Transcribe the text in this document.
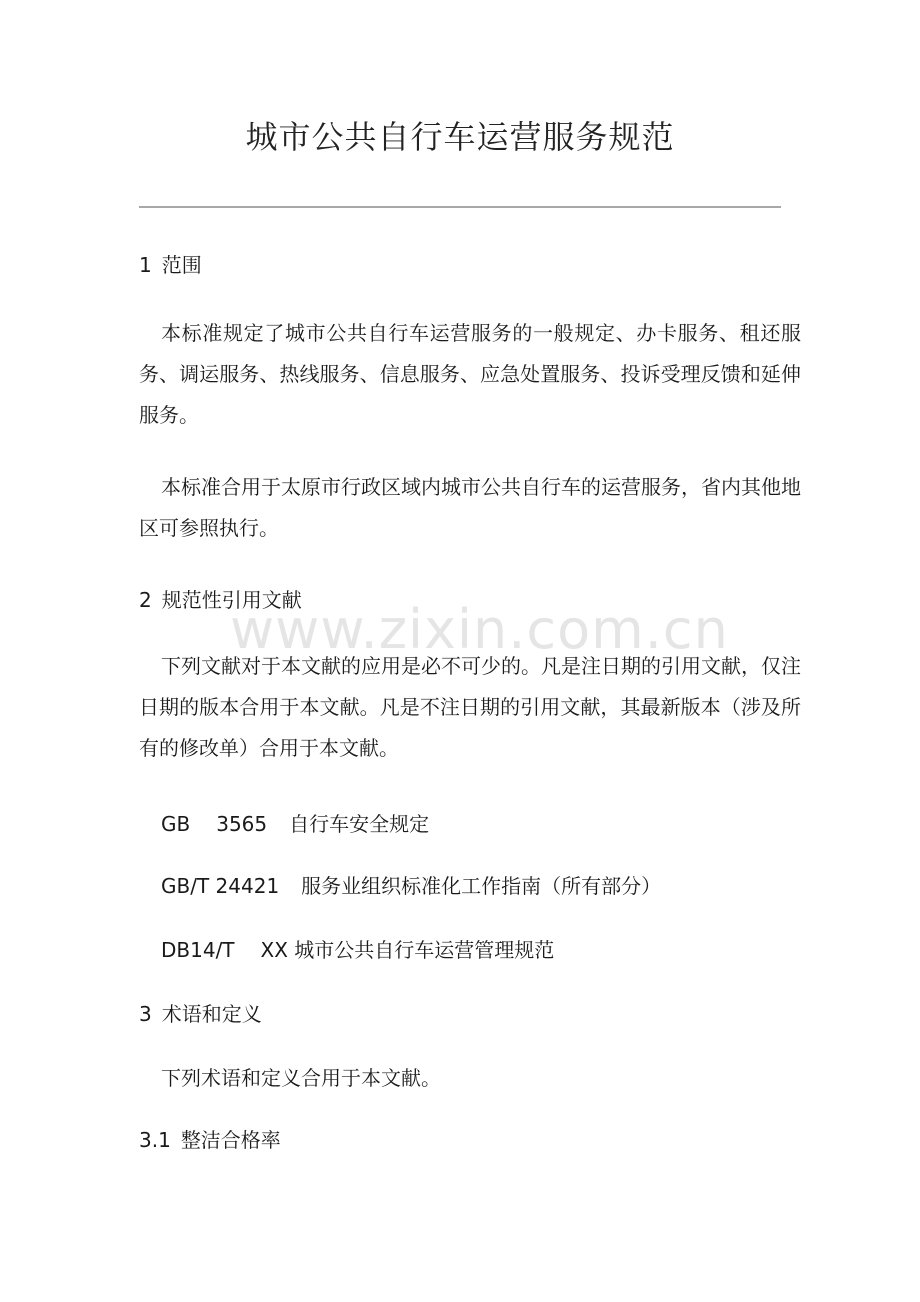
城市公共自行车运营服务规范
www.zixin.com.cn
1 范围
本标准规定了城市公共自行车运营服务的一般规定、办卡服务、租还服务、调运服务、热线服务、信息服务、应急处置服务、投诉受理反馈和延伸服务。
本标准合用于太原市行政区域内城市公共自行车的运营服务，省内其他地区可参照执行。
2 规范性引用文献
下列文献对于本文献的应用是必不可少的。凡是注日期的引用文献，仅注日期的版本合用于本文献。凡是不注日期的引用文献，其最新版本（涉及所有的修改单）合用于本文献。
GB 3565 自行车安全规定
GB/T 24421 服务业组织标准化工作指南（所有部分）
DB14/T XX 城市公共自行车运营管理规范
3 术语和定义
下列术语和定义合用于本文献。
3.1 整洁合格率
